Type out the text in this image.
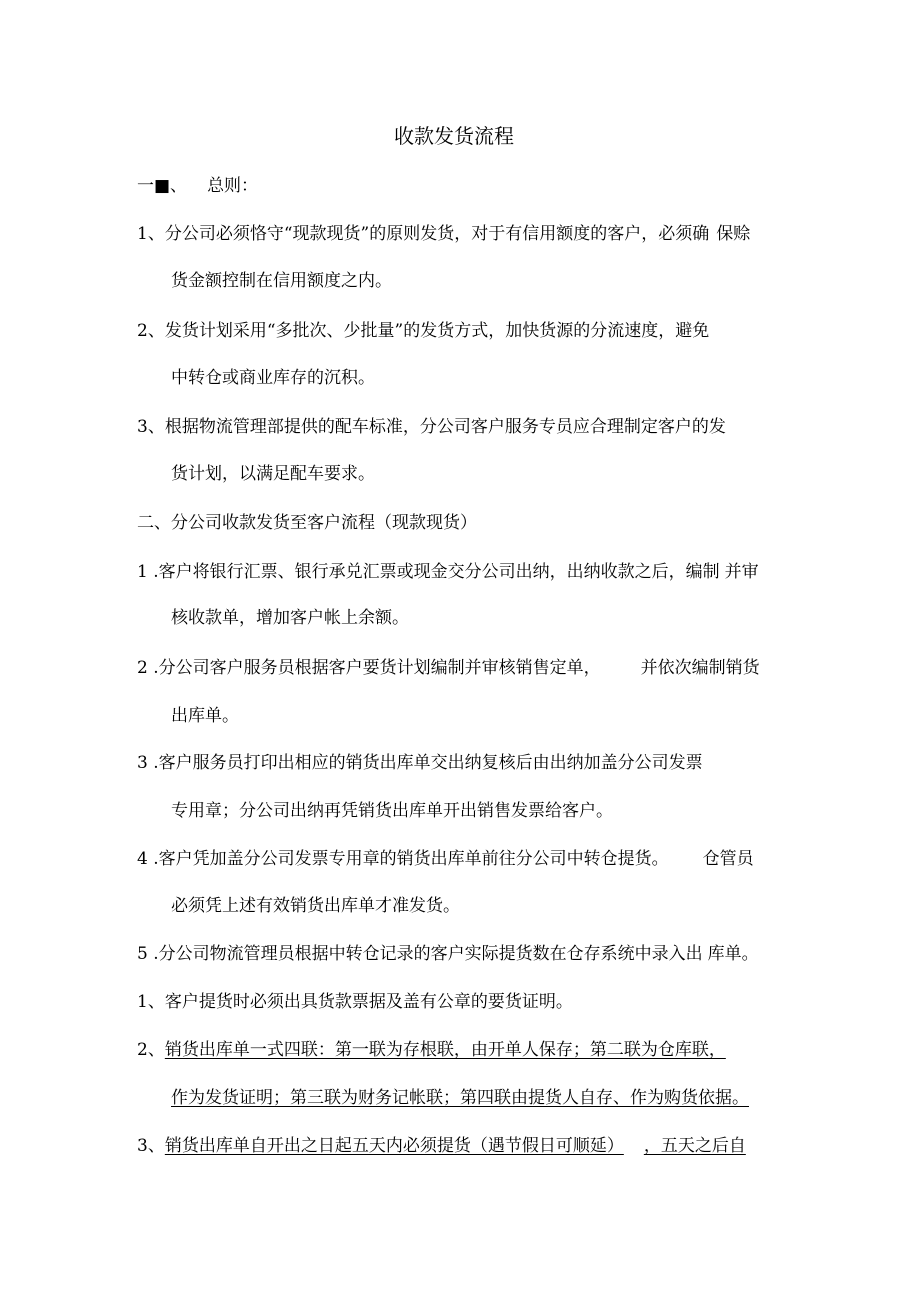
收款发货流程
一■、 总则：
1、分公司必须恪守“现款现货”的原则发货，对于有信用额度的客户，必须确 保赊
货金额控制在信用额度之内。
2、发货计划采用“多批次、少批量”的发货方式，加快货源的分流速度，避免
中转仓或商业库存的沉积。
3、根据物流管理部提供的配车标准，分公司客户服务专员应合理制定客户的发
货计划，以满足配车要求。
二、分公司收款发货至客户流程（现款现货）
1 .客户将银行汇票、银行承兑汇票或现金交分公司出纳，出纳收款之后，编制 并审
核收款单，增加客户帐上余额。
2 .分公司客户服务员根据客户要货计划编制并审核销售定单， 并依次编制销货
出库单。
3 .客户服务员打印出相应的销货出库单交出纳复核后由出纳加盖分公司发票
专用章；分公司出纳再凭销货出库单开出销售发票给客户。
4 .客户凭加盖分公司发票专用章的销货出库单前往分公司中转仓提货。 仓管员
必须凭上述有效销货出库单才准发货。
5 .分公司物流管理员根据中转仓记录的客户实际提货数在仓存系统中录入出 库单。
1、客户提货时必须出具货款票据及盖有公章的要货证明。
2、销货出库单一式四联：第一联为存根联，由开单人保存；第二联为仓库联，
作为发货证明；第三联为财务记帐联；第四联由提货人自存、作为购货依据。
3、销货出库单自开出之日起五天内必须提货（遇节假日可顺延） ，五天之后自
